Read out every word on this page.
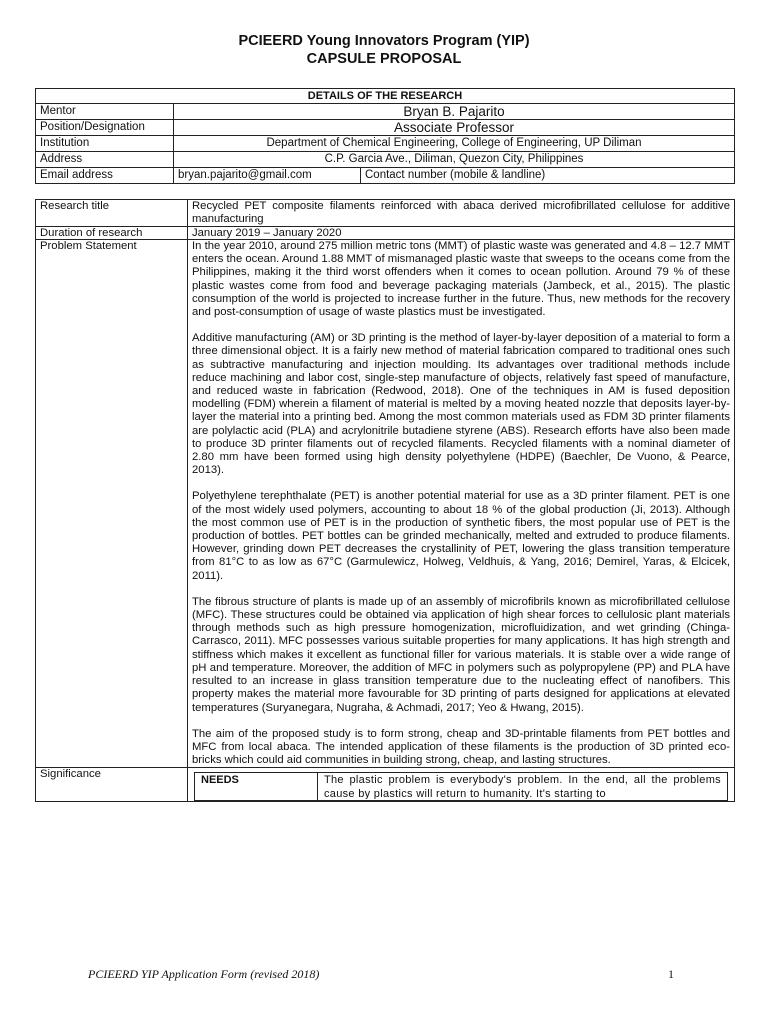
PCIEERD Young Innovators Program (YIP)
CAPSULE PROPOSAL
DETAILS OF THE RESEARCH		
Mentor	Bryan B. Pajarito	
Position/Designation	Associate Professor	
Institution	Department of Chemical Engineering, College of Engineering, UP Diliman	
Address	C.P. Garcia Ave., Diliman, Quezon City, Philippines	
Email address	bryan.pajarito@gmail.com	Contact number (mobile & landline)
Research title	Recycled PET composite filaments reinforced with abaca derived microfibrillated cellulose for additive manufacturing
Duration of research	January 2019 – January 2020
Problem Statement	In the year 2010, around 275 million metric tons (MMT) of plastic waste was generated and 4.8 – 12.7 MMT enters the ocean. Around 1.88 MMT of mismanaged plastic waste that sweeps to the oceans come from the Philippines, making it the third worst offenders when it comes to ocean pollution. Around 79 % of these plastic wastes come from food and beverage packaging materials (Jambeck, et al., 2015). The plastic consumption of the world is projected to increase further in the future. Thus, new methods for the recovery and post-consumption of usage of waste plastics must be investigated.

Additive manufacturing (AM) or 3D printing is the method of layer-by-layer deposition of a material to form a three dimensional object. It is a fairly new method of material fabrication compared to traditional ones such as subtractive manufacturing and injection moulding. Its advantages over traditional methods include reduce machining and labor cost, single-step manufacture of objects, relatively fast speed of manufacture, and reduced waste in fabrication (Redwood, 2018). One of the techniques in AM is fused deposition modelling (FDM) wherein a filament of material is melted by a moving heated nozzle that deposits layer-by-layer the material into a printing bed. Among the most common materials used as FDM 3D printer filaments are polylactic acid (PLA) and acrylonitrile butadiene styrene (ABS). Research efforts have also been made to produce 3D printer filaments out of recycled filaments. Recycled filaments with a nominal diameter of 2.80 mm have been formed using high density polyethylene (HDPE) (Baechler, De Vuono, & Pearce, 2013).

Polyethylene terephthalate (PET) is another potential material for use as a 3D printer filament. PET is one of the most widely used polymers, accounting to about 18 % of the global production (Ji, 2013). Although the most common use of PET is in the production of synthetic fibers, the most popular use of PET is the production of bottles. PET bottles can be grinded mechanically, melted and extruded to produce filaments. However, grinding down PET decreases the crystallinity of PET, lowering the glass transition temperature from 81°C to as low as 67°C (Garmulewicz, Holweg, Veldhuis, & Yang, 2016; Demirel, Yaras, & Elcicek, 2011).

The fibrous structure of plants is made up of an assembly of microfibrils known as microfibrillated cellulose (MFC). These structures could be obtained via application of high shear forces to cellulosic plant materials through methods such as high pressure homogenization, microfluidization, and wet grinding (Chinga-Carrasco, 2011). MFC possesses various suitable properties for many applications. It has high strength and stiffness which makes it excellent as functional filler for various materials. It is stable over a wide range of pH and temperature. Moreover, the addition of MFC in polymers such as polypropylene (PP) and PLA have resulted to an increase in glass transition temperature due to the nucleating effect of nanofibers. This property makes the material more favourable for 3D printing of parts designed for applications at elevated temperatures (Suryanegara, Nugraha, & Achmadi, 2017; Yeo & Hwang, 2015).

The aim of the proposed study is to form strong, cheap and 3D-printable filaments from PET bottles and MFC from local abaca. The intended application of these filaments is the production of 3D printed eco-bricks which could aid communities in building strong, cheap, and lasting structures.

Significance		NEEDS	The plastic problem is everybody's problem. In the end, all the problems cause by plastics will return to humanity. It's starting to
PCIEERD YIP Application Form (revised 2018)	1
